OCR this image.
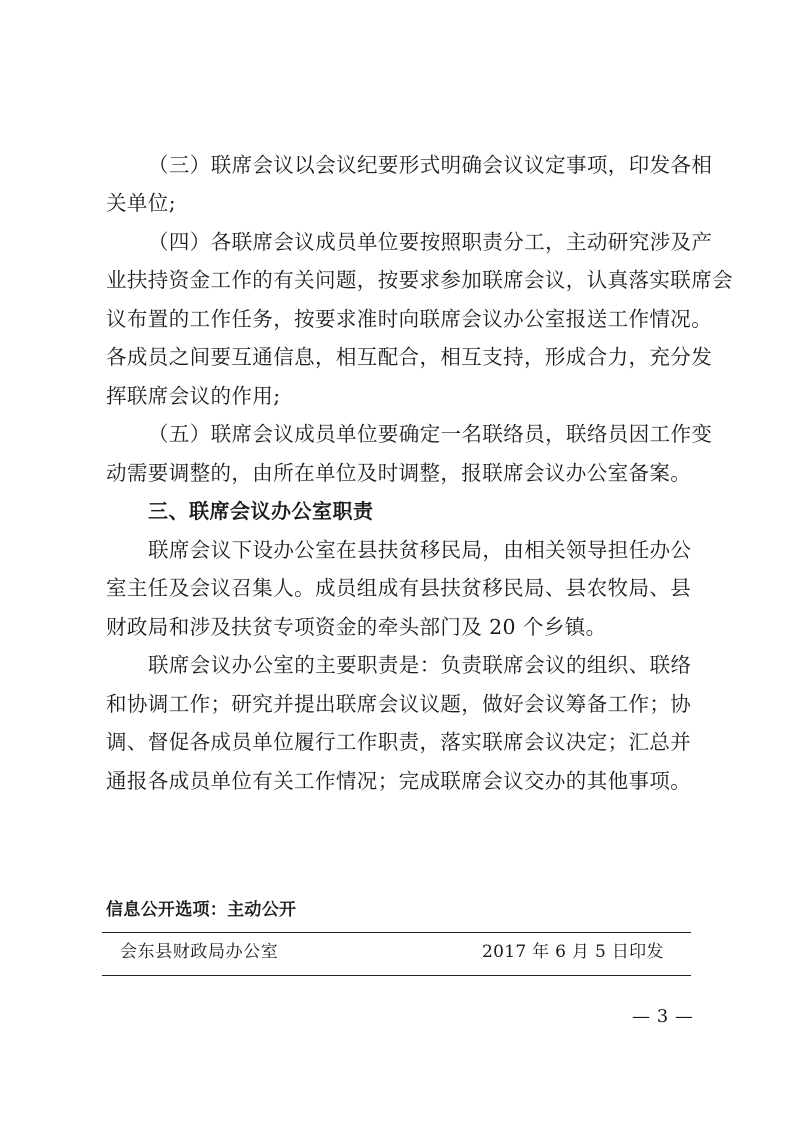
（三）联席会议以会议纪要形式明确会议议定事项，印发各相
关单位;
（四）各联席会议成员单位要按照职责分工，主动研究涉及产
业扶持资金工作的有关问题，按要求参加联席会议，认真落实联席会
议布置的工作任务，按要求准时向联席会议办公室报送工作情况。
各成员之间要互通信息，相互配合，相互支持，形成合力，充分发
挥联席会议的作用;
（五）联席会议成员单位要确定一名联络员，联络员因工作变
动需要调整的，由所在单位及时调整，报联席会议办公室备案。
三、联席会议办公室职责
联席会议下设办公室在县扶贫移民局，由相关领导担任办公
室主任及会议召集人。成员组成有县扶贫移民局、县农牧局、县
财政局和涉及扶贫专项资金的牵头部门及 20 个乡镇。
联席会议办公室的主要职责是：负责联席会议的组织、联络
和协调工作；研究并提出联席会议议题，做好会议筹备工作；协
调、督促各成员单位履行工作职责，落实联席会议决定；汇总并
通报各成员单位有关工作情况；完成联席会议交办的其他事项。
信息公开选项：主动公开
会东县财政局办公室	2017 年 6 月 5 日印发
— 3 —
